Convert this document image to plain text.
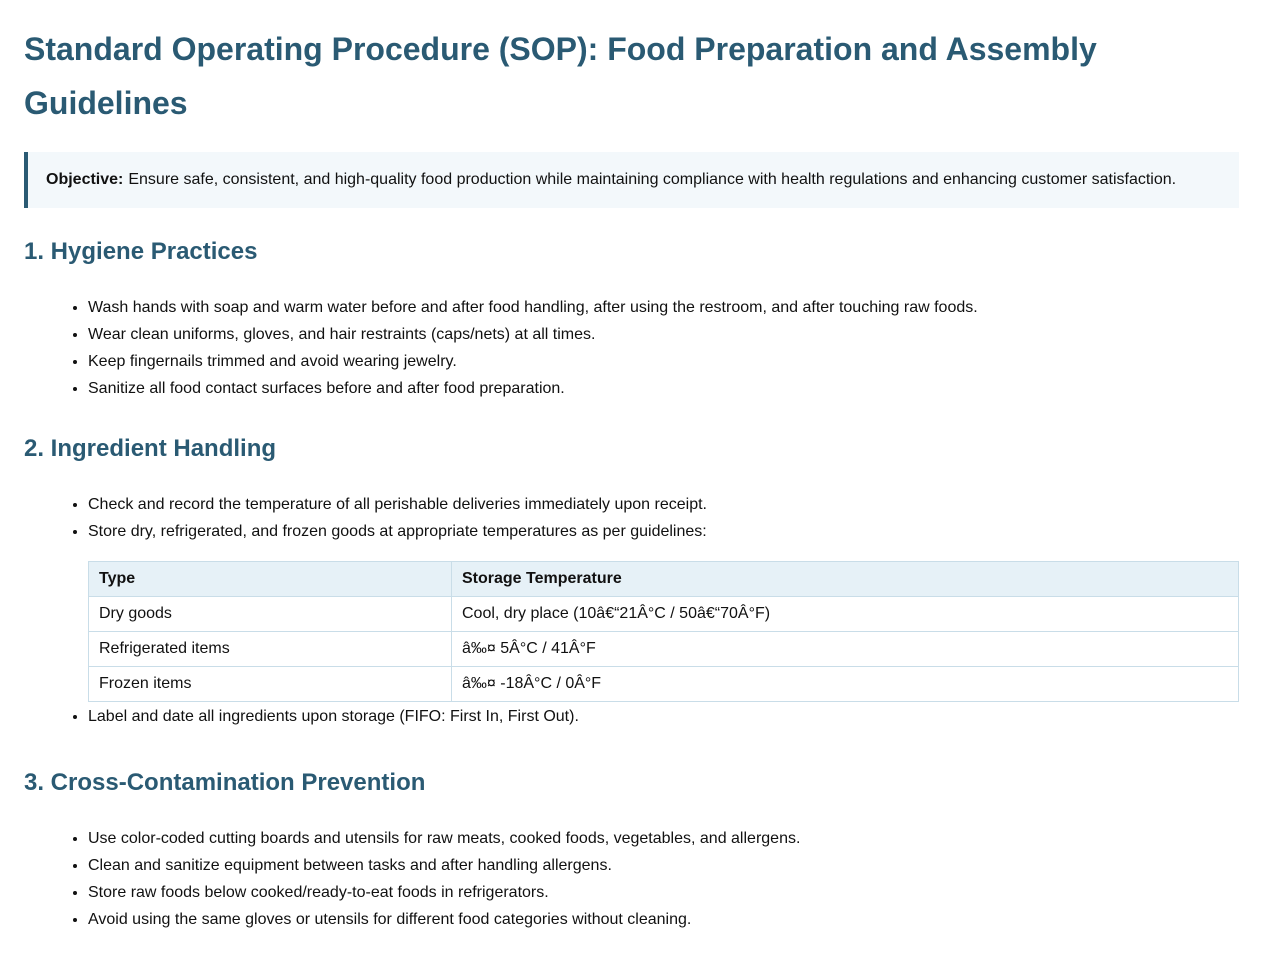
Standard Operating Procedure (SOP): Food Preparation and Assembly Guidelines
Objective: Ensure safe, consistent, and high-quality food production while maintaining compliance with health regulations and enhancing customer satisfaction.
1. Hygiene Practices
• Wash hands with soap and warm water before and after food handling, after using the restroom, and after touching raw foods.
• Wear clean uniforms, gloves, and hair restraints (caps/nets) at all times.
• Keep fingernails trimmed and avoid wearing jewelry.
• Sanitize all food contact surfaces before and after food preparation.
2. Ingredient Handling
• Check and record the temperature of all perishable deliveries immediately upon receipt.
• Store dry, refrigerated, and frozen goods at appropriate temperatures as per guidelines:
Type	Storage Temperature
Dry goods	Cool, dry place (10â€“21Â°C / 50â€“70Â°F)
Refrigerated items	â‰¤ 5Â°C / 41Â°F
Frozen items	â‰¤ -18Â°C / 0Â°F
• Label and date all ingredients upon storage (FIFO: First In, First Out).
3. Cross-Contamination Prevention
• Use color-coded cutting boards and utensils for raw meats, cooked foods, vegetables, and allergens.
• Clean and sanitize equipment between tasks and after handling allergens.
• Store raw foods below cooked/ready-to-eat foods in refrigerators.
• Avoid using the same gloves or utensils for different food categories without cleaning.
